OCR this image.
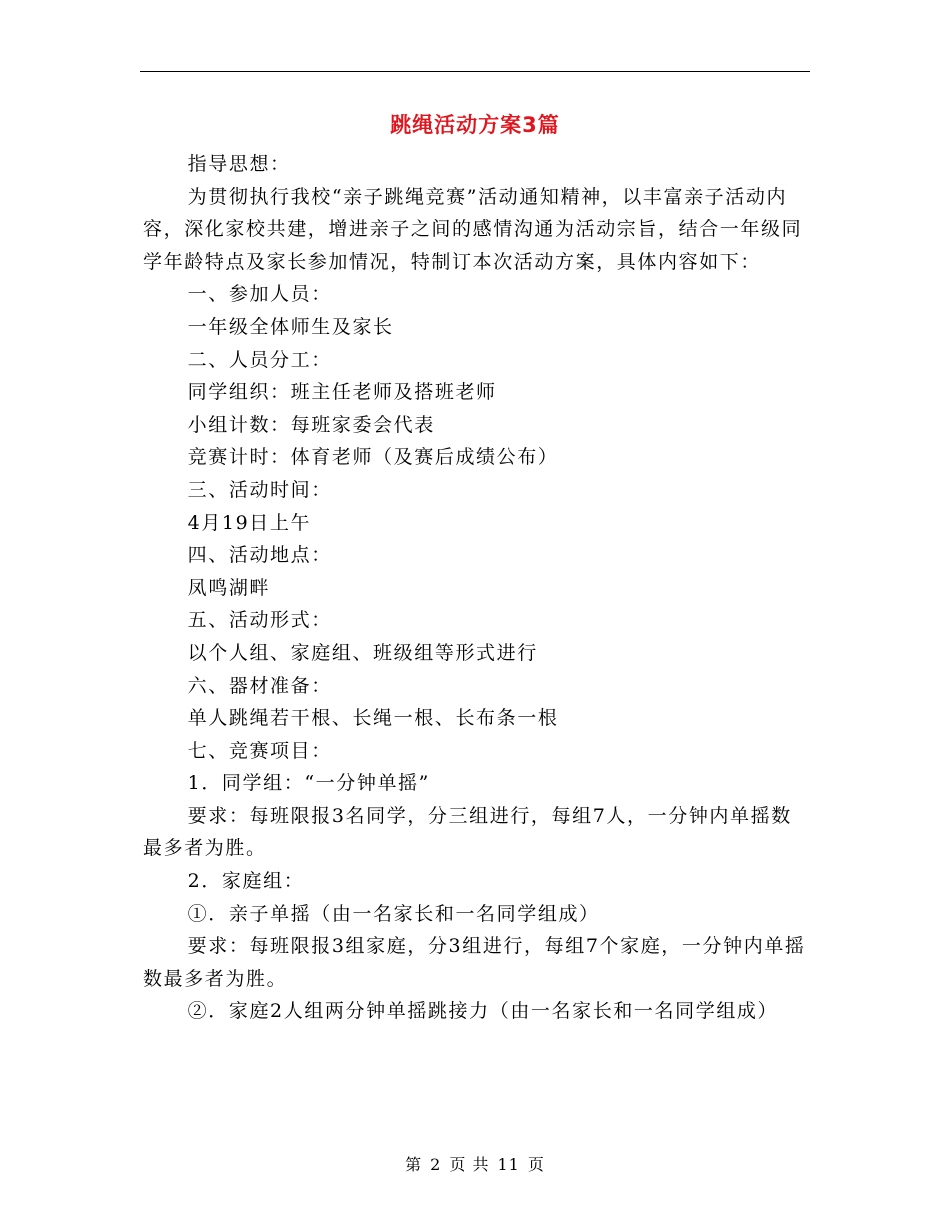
跳绳活动方案3篇

指导思想：

为贯彻执行我校“亲子跳绳竞赛”活动通知精神，以丰富亲子活动内容，深化家校共建，增进亲子之间的感情沟通为活动宗旨，结合一年级同学年龄特点及家长参加情况，特制订本次活动方案，具体内容如下：

一、参加人员：

一年级全体师生及家长

二、人员分工：

同学组织：班主任老师及搭班老师

小组计数：每班家委会代表

竞赛计时：体育老师（及赛后成绩公布）

三、活动时间：

4月19日上午

四、活动地点：

凤鸣湖畔

五、活动形式：

以个人组、家庭组、班级组等形式进行

六、器材准备：

单人跳绳若干根、长绳一根、长布条一根

七、竞赛项目：

1．同学组：“一分钟单摇”

要求：每班限报3名同学，分三组进行，每组7人，一分钟内单摇数最多者为胜。

2．家庭组：

①．亲子单摇（由一名家长和一名同学组成）

要求：每班限报3组家庭，分3组进行，每组7个家庭，一分钟内单摇数最多者为胜。

②．家庭2人组两分钟单摇跳接力（由一名家长和一名同学组成）

第 2 页 共 11 页
